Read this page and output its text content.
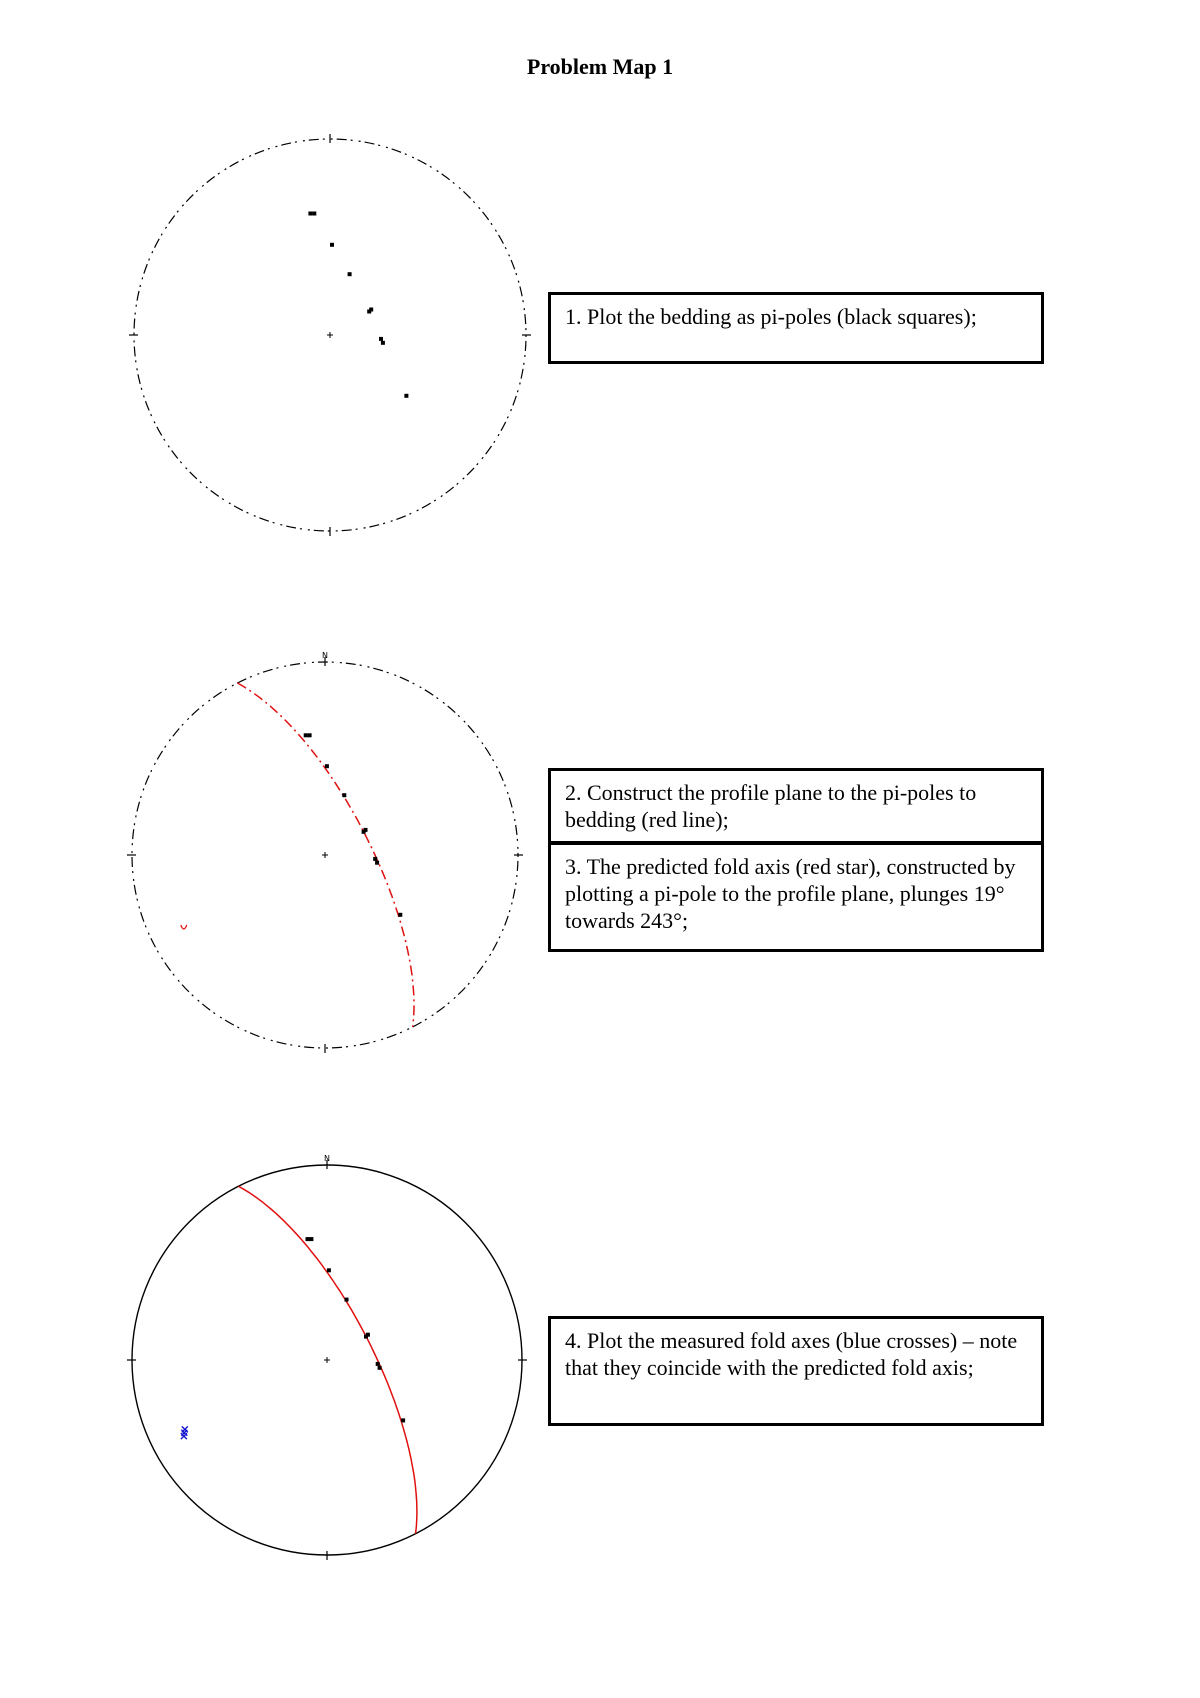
Problem Map 1
1. Plot the bedding as pi-poles (black squares);
N
2. Construct the profile plane to the pi-poles to bedding (red line);
3. The predicted fold axis (red star), constructed by plotting a pi-pole to the profile plane, plunges 19° towards 243°;
N
4. Plot the measured fold axes (blue crosses) – note that they coincide with the predicted fold axis;
